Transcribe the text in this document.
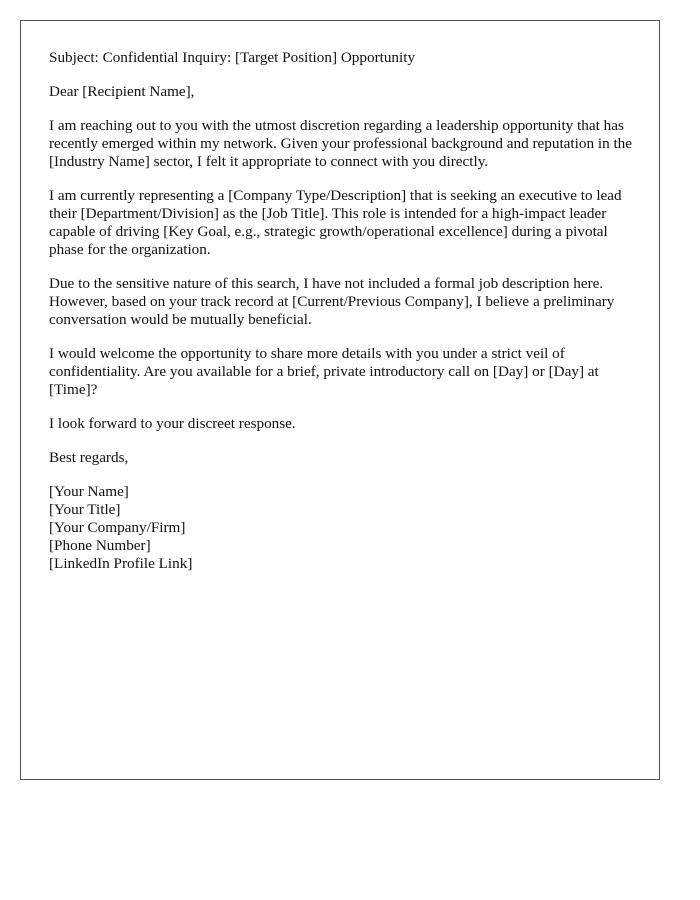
Subject: Confidential Inquiry: [Target Position] Opportunity

Dear [Recipient Name],

I am reaching out to you with the utmost discretion regarding a leadership opportunity that has recently emerged within my network. Given your professional background and reputation in the [Industry Name] sector, I felt it appropriate to connect with you directly.

I am currently representing a [Company Type/Description] that is seeking an executive to lead their [Department/Division] as the [Job Title]. This role is intended for a high-impact leader capable of driving [Key Goal, e.g., strategic growth/operational excellence] during a pivotal phase for the organization.

Due to the sensitive nature of this search, I have not included a formal job description here. However, based on your track record at [Current/Previous Company], I believe a preliminary conversation would be mutually beneficial.

I would welcome the opportunity to share more details with you under a strict veil of confidentiality. Are you available for a brief, private introductory call on [Day] or [Day] at [Time]?

I look forward to your discreet response.

Best regards,

[Your Name]
[Your Title]
[Your Company/Firm]
[Phone Number]
[LinkedIn Profile Link]
